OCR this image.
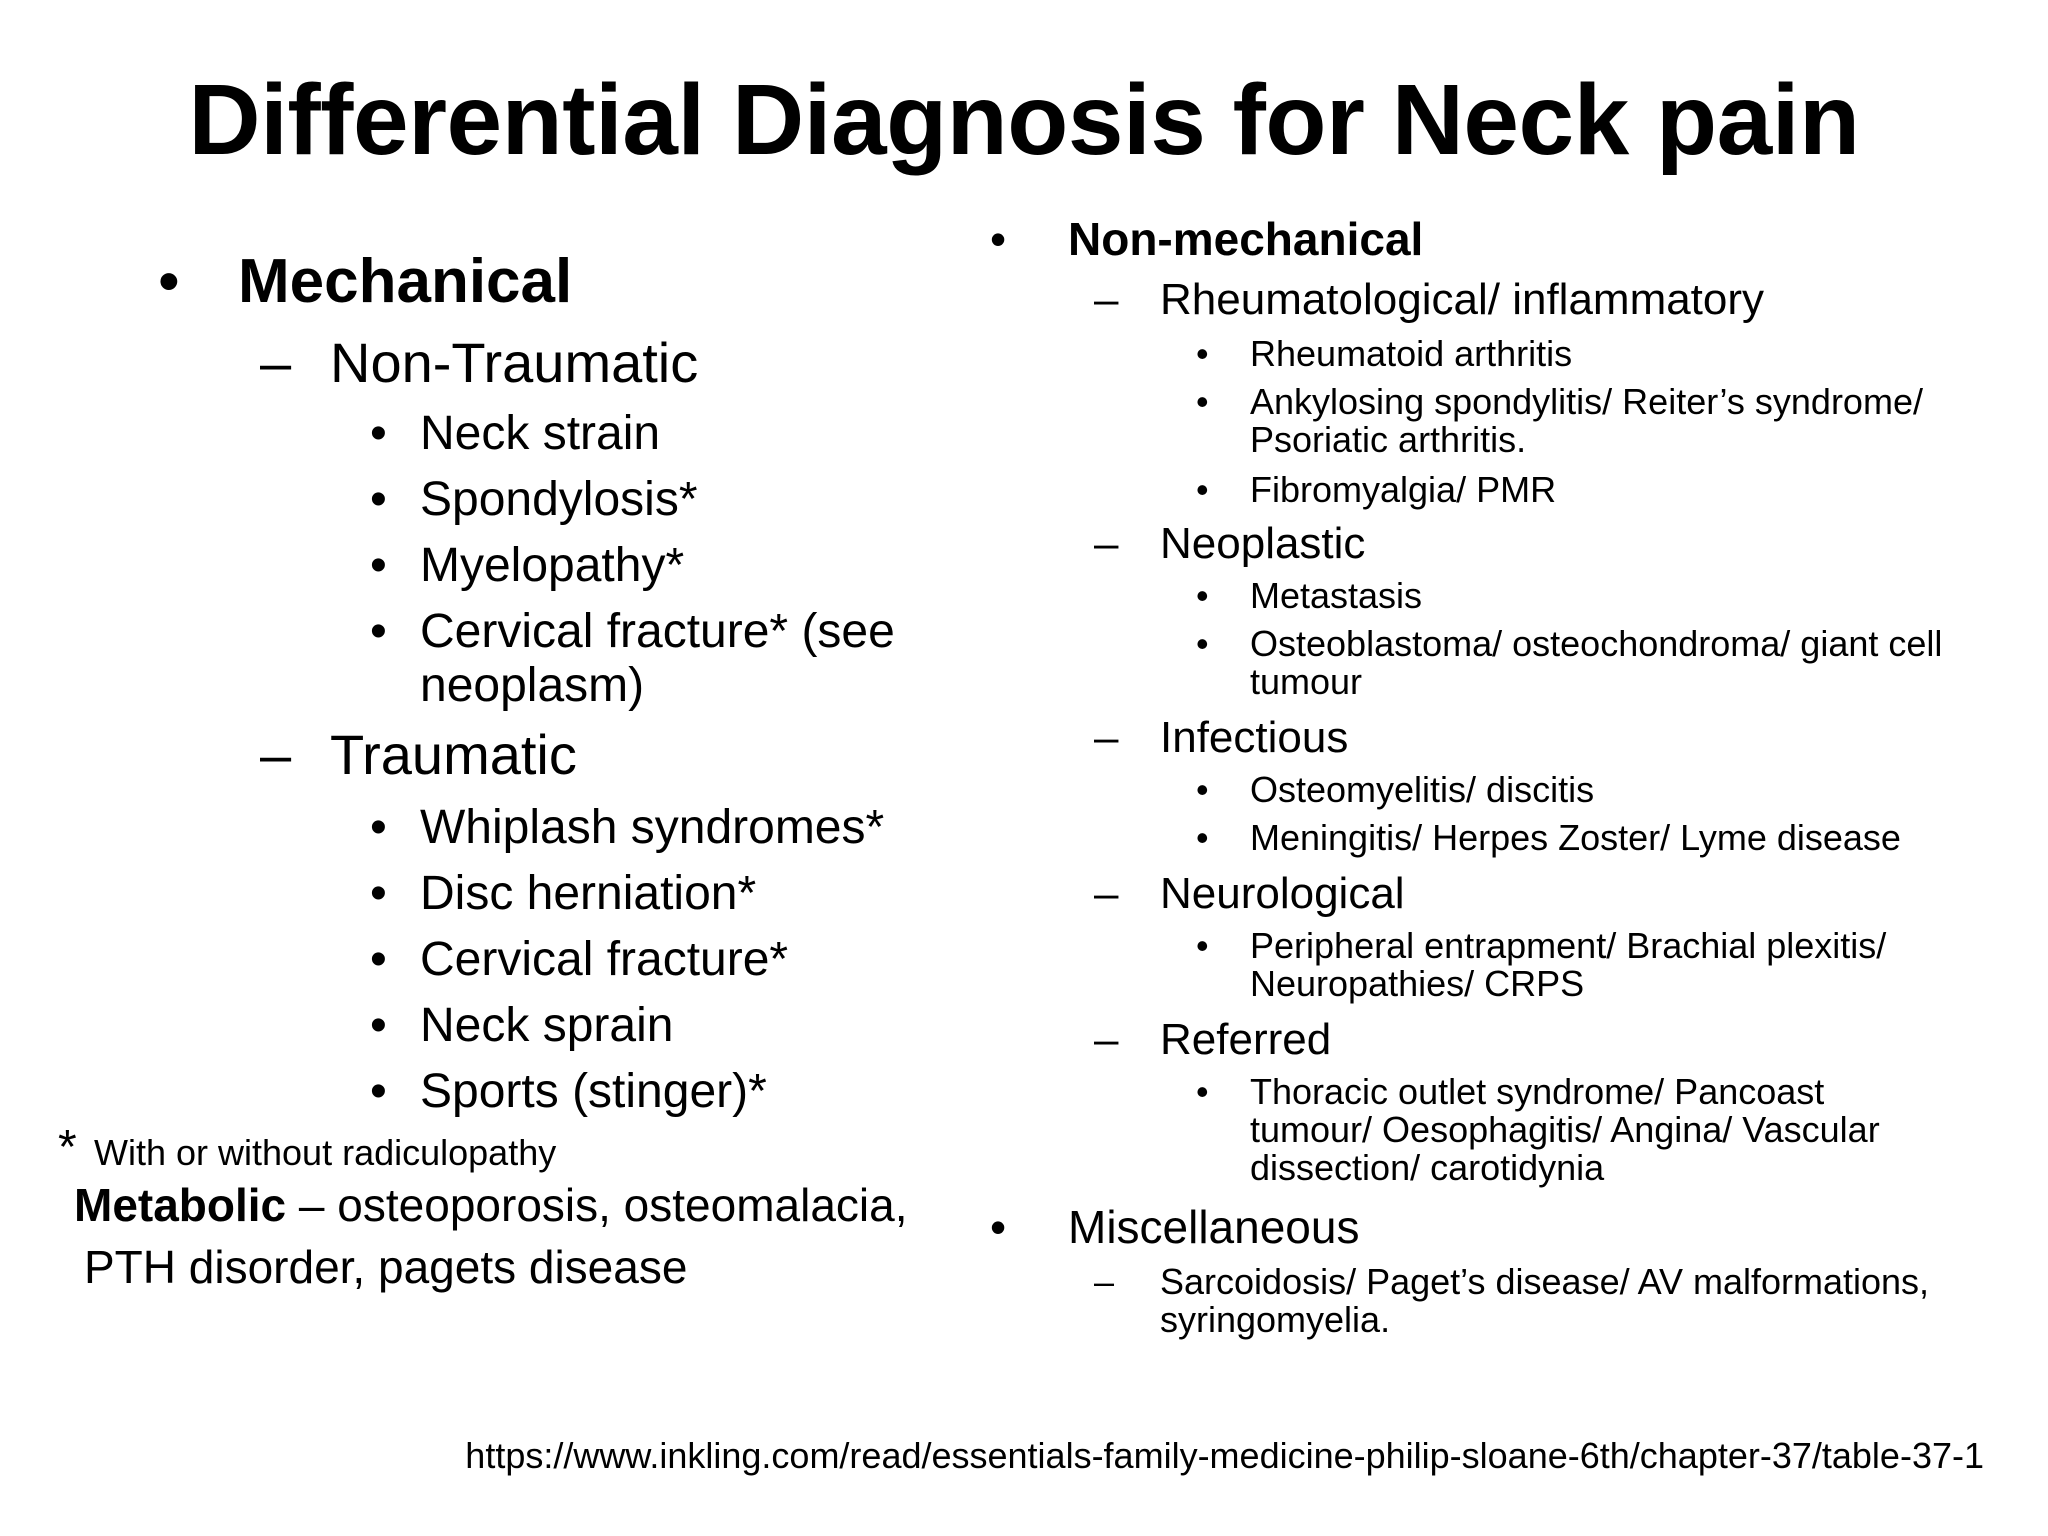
Differential Diagnosis for Neck pain
• Mechanical
– Non-Traumatic
• Neck strain
• Spondylosis*
• Myelopathy*
• Cervical fracture* (see
neoplasm)
– Traumatic
• Whiplash syndromes*
• Disc herniation*
• Cervical fracture*
• Neck sprain
• Sports (stinger)*
* With or without radiculopathy
Metabolic – osteoporosis, osteomalacia,
PTH disorder, pagets disease
• Non-mechanical
– Rheumatological/ inflammatory
• Rheumatoid arthritis
• Ankylosing spondylitis/ Reiter’s syndrome/
Psoriatic arthritis.
• Fibromyalgia/ PMR
– Neoplastic
• Metastasis
• Osteoblastoma/ osteochondroma/ giant cell
tumour
– Infectious
• Osteomyelitis/ discitis
• Meningitis/ Herpes Zoster/ Lyme disease
– Neurological
• Peripheral entrapment/ Brachial plexitis/
Neuropathies/ CRPS
– Referred
• Thoracic outlet syndrome/ Pancoast
tumour/ Oesophagitis/ Angina/ Vascular
dissection/ carotidynia
• Miscellaneous
– Sarcoidosis/ Paget’s disease/ AV malformations,
syringomyelia.
https://www.inkling.com/read/essentials-family-medicine-philip-sloane-6th/chapter-37/table-37-1
